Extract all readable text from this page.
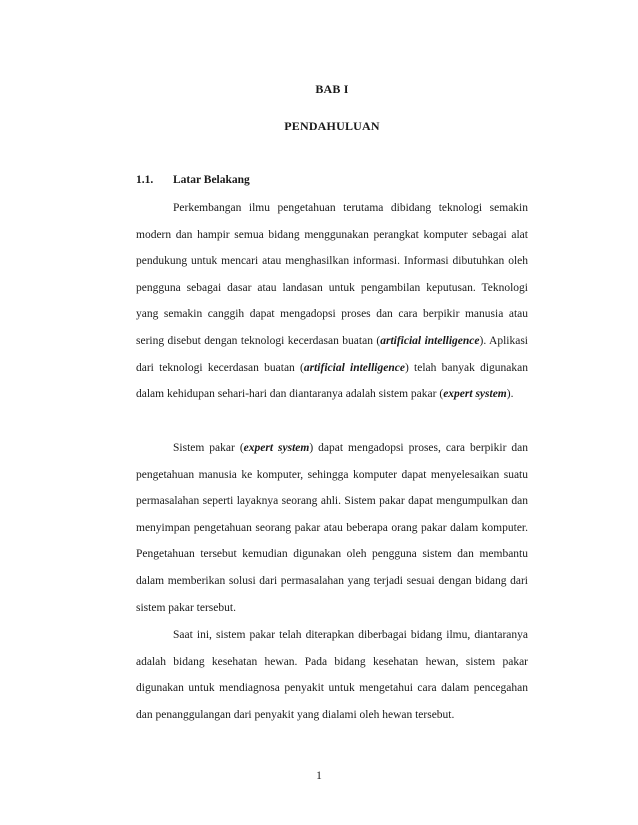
BAB I
PENDAHULUAN
1.1. Latar Belakang

Perkembangan ilmu pengetahuan terutama dibidang teknologi semakin modern dan hampir semua bidang menggunakan perangkat komputer sebagai alat pendukung untuk mencari atau menghasilkan informasi. Informasi dibutuhkan oleh pengguna sebagai dasar atau landasan untuk pengambilan keputusan. Teknologi yang semakin canggih dapat mengadopsi proses dan cara berpikir manusia atau sering disebut dengan teknologi kecerdasan buatan (artificial intelligence). Aplikasi dari teknologi kecerdasan buatan (artificial intelligence) telah banyak digunakan dalam kehidupan sehari-hari dan diantaranya adalah sistem pakar (expert system).

Sistem pakar (expert system) dapat mengadopsi proses, cara berpikir dan pengetahuan manusia ke komputer, sehingga komputer dapat menyelesaikan suatu permasalahan seperti layaknya seorang ahli. Sistem pakar dapat mengumpulkan dan menyimpan pengetahuan seorang pakar atau beberapa orang pakar dalam komputer. Pengetahuan tersebut kemudian digunakan oleh pengguna sistem dan membantu dalam memberikan solusi dari permasalahan yang terjadi sesuai dengan bidang dari sistem pakar tersebut.

Saat ini, sistem pakar telah diterapkan diberbagai bidang ilmu, diantaranya adalah bidang kesehatan hewan. Pada bidang kesehatan hewan, sistem pakar digunakan untuk mendiagnosa penyakit untuk mengetahui cara dalam pencegahan dan penanggulangan dari penyakit yang dialami oleh hewan tersebut.

1
